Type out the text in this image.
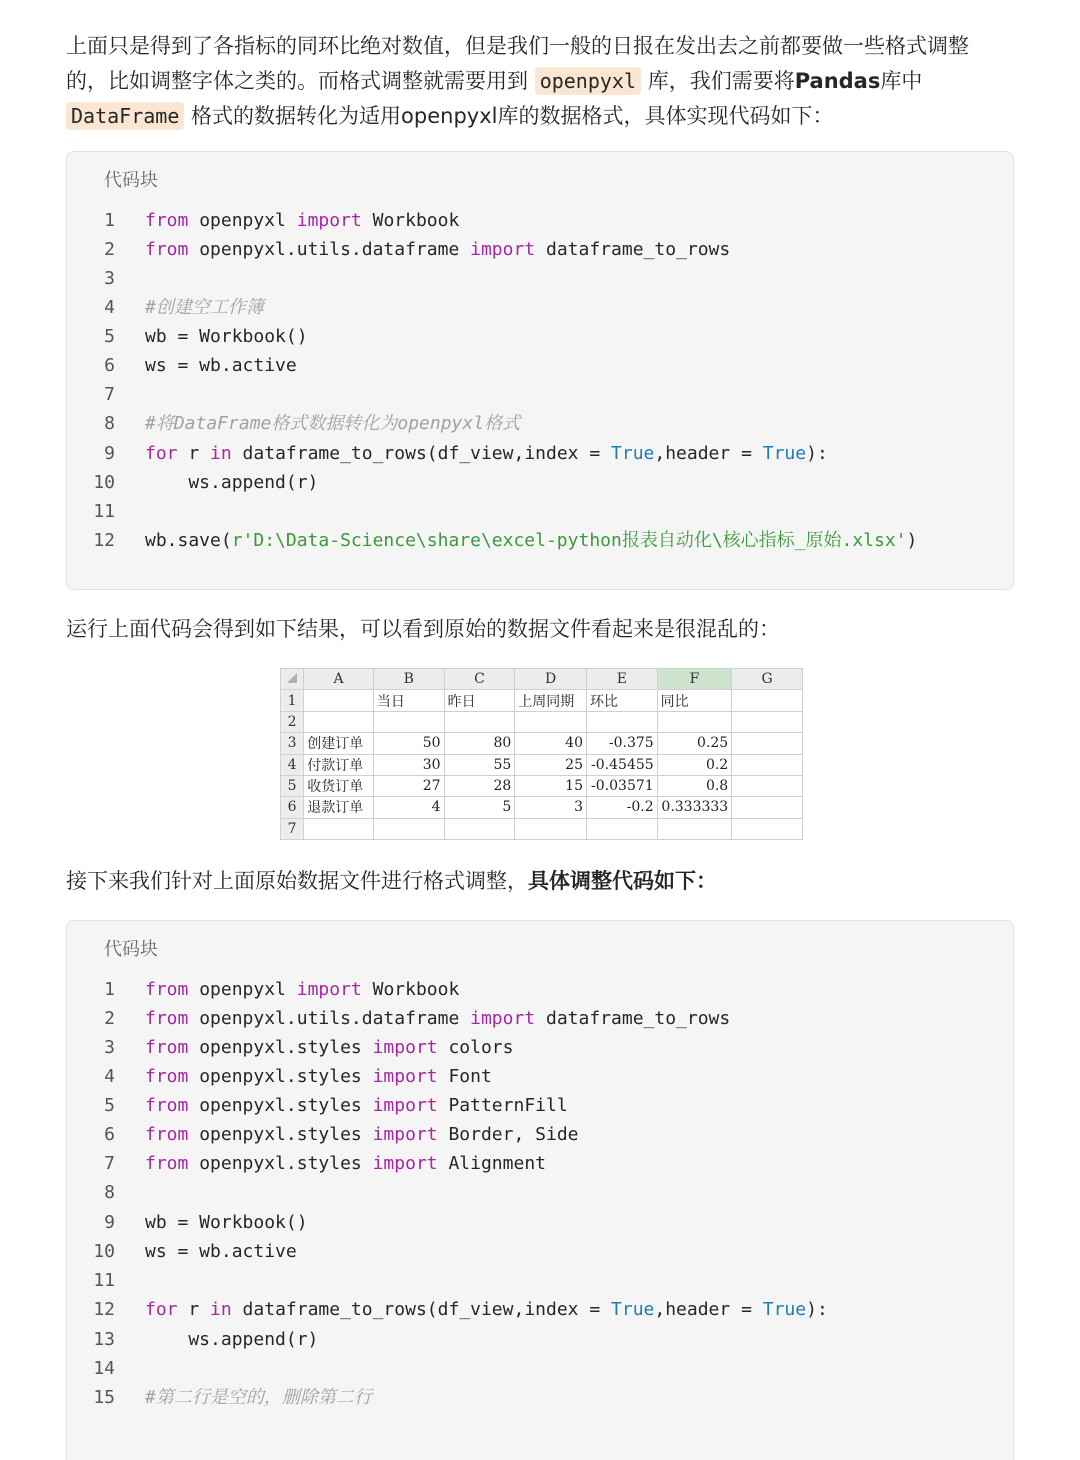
上面只是得到了各指标的同环比绝对数值，但是我们一般的日报在发出去之前都要做一些格式调整
的，比如调整字体之类的。而格式调整就需要用到 openpyxl 库，我们需要将Pandas库中
DataFrame 格式的数据转化为适用openpyxl库的数据格式，具体实现代码如下：
代码块
1 from openpyxl import Workbook
2 from openpyxl.utils.dataframe import dataframe_to_rows
3
4 #创建空工作簿
5 wb = Workbook()
6 ws = wb.active
7
8 #将DataFrame格式数据转化为openpyxl格式
9 for r in dataframe_to_rows(df_view,index = True,header = True):
10 ws.append(r)
11
12 wb.save(r'D:\Data-Science\share\excel-python报表自动化\核心指标_原始.xlsx')
运行上面代码会得到如下结果，可以看到原始的数据文件看起来是很混乱的：
	A	B	C	D	E	F	G
1		当日	昨日	上周同期	环比	同比	
2							
3	创建订单	50	80	40	-0.375	0.25	
4	付款订单	30	55	25	-0.45455	0.2	
5	收货订单	27	28	15	-0.03571	0.8	
6	退款订单	4	5	3	-0.2	0.333333	
7							
接下来我们针对上面原始数据文件进行格式调整，具体调整代码如下：
代码块
1 from openpyxl import Workbook
2 from openpyxl.utils.dataframe import dataframe_to_rows
3 from openpyxl.styles import colors
4 from openpyxl.styles import Font
5 from openpyxl.styles import PatternFill
6 from openpyxl.styles import Border, Side
7 from openpyxl.styles import Alignment
8
9 wb = Workbook()
10 ws = wb.active
11
12 for r in dataframe_to_rows(df_view,index = True,header = True):
13 ws.append(r)
14
15 #第二行是空的，删除第二行
